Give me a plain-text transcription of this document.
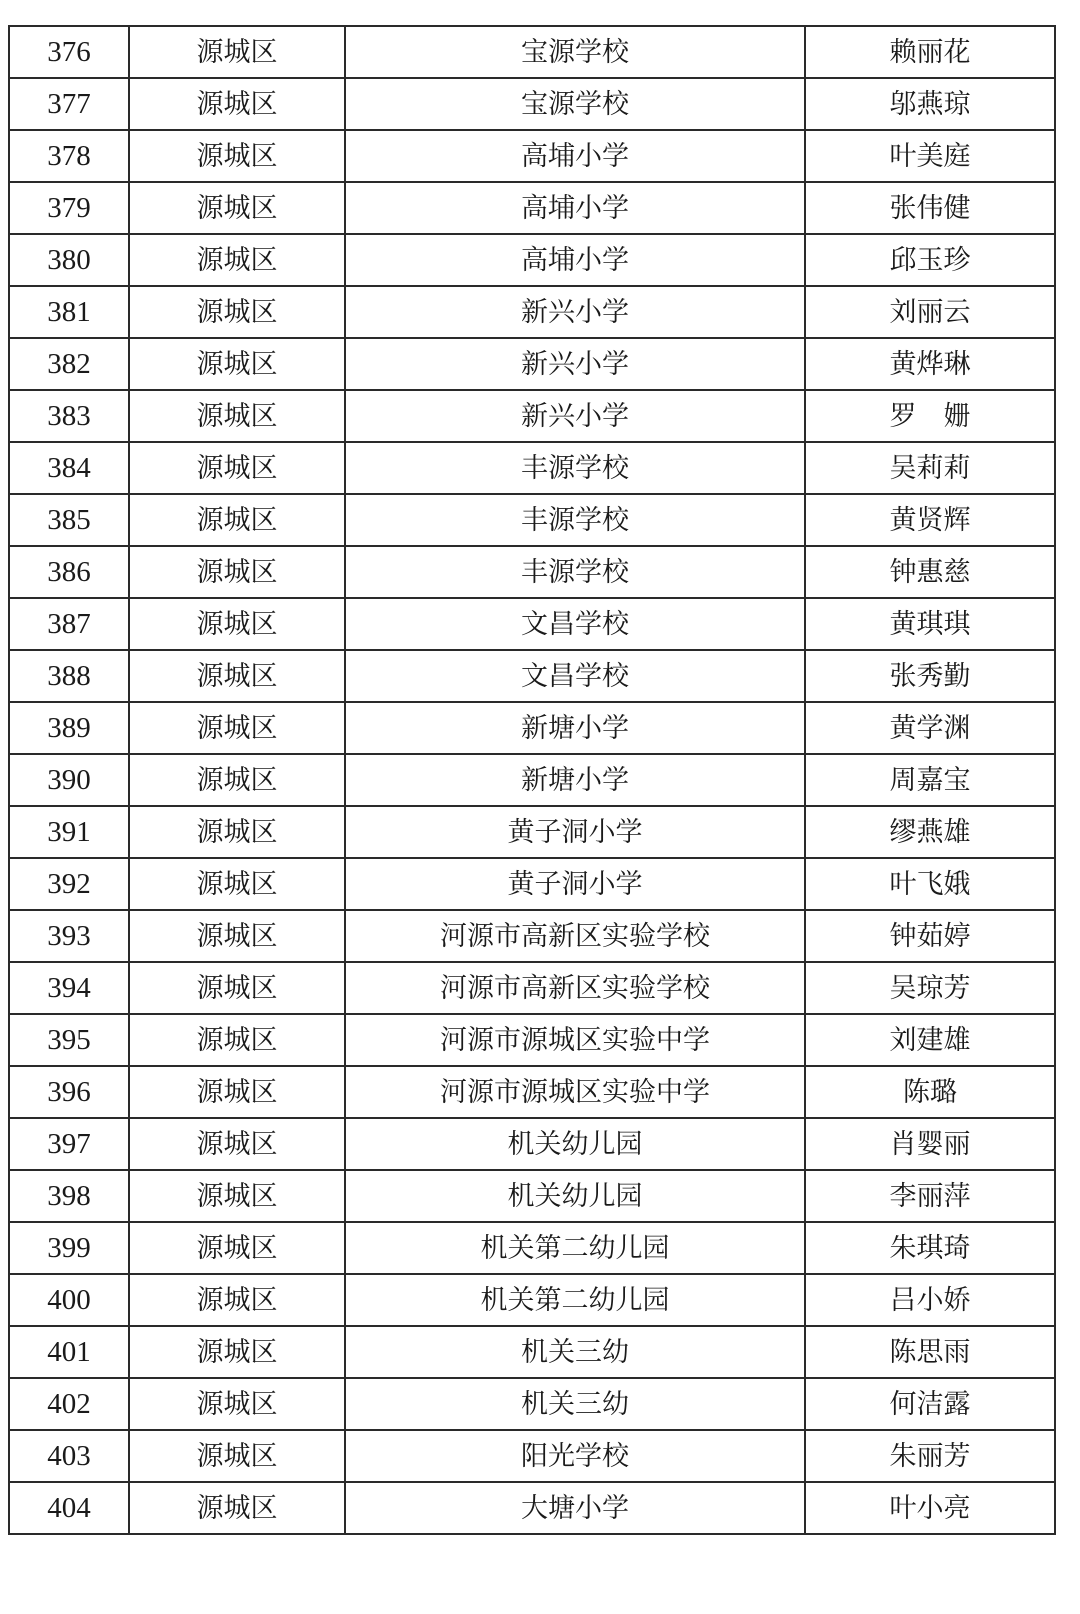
376	源城区	宝源学校	赖丽花
377	源城区	宝源学校	邬燕琼
378	源城区	高埔小学	叶美庭
379	源城区	高埔小学	张伟健
380	源城区	高埔小学	邱玉珍
381	源城区	新兴小学	刘丽云
382	源城区	新兴小学	黄烨琳
383	源城区	新兴小学	罗　姗
384	源城区	丰源学校	吴莉莉
385	源城区	丰源学校	黄贤辉
386	源城区	丰源学校	钟惠慈
387	源城区	文昌学校	黄琪琪
388	源城区	文昌学校	张秀勤
389	源城区	新塘小学	黄学渊
390	源城区	新塘小学	周嘉宝
391	源城区	黄子洞小学	缪燕雄
392	源城区	黄子洞小学	叶飞娥
393	源城区	河源市高新区实验学校	钟茹婷
394	源城区	河源市高新区实验学校	吴琼芳
395	源城区	河源市源城区实验中学	刘建雄
396	源城区	河源市源城区实验中学	陈璐
397	源城区	机关幼儿园	肖婴丽
398	源城区	机关幼儿园	李丽萍
399	源城区	机关第二幼儿园	朱琪琦
400	源城区	机关第二幼儿园	吕小娇
401	源城区	机关三幼	陈思雨
402	源城区	机关三幼	何洁露
403	源城区	阳光学校	朱丽芳
404	源城区	大塘小学	叶小亮
